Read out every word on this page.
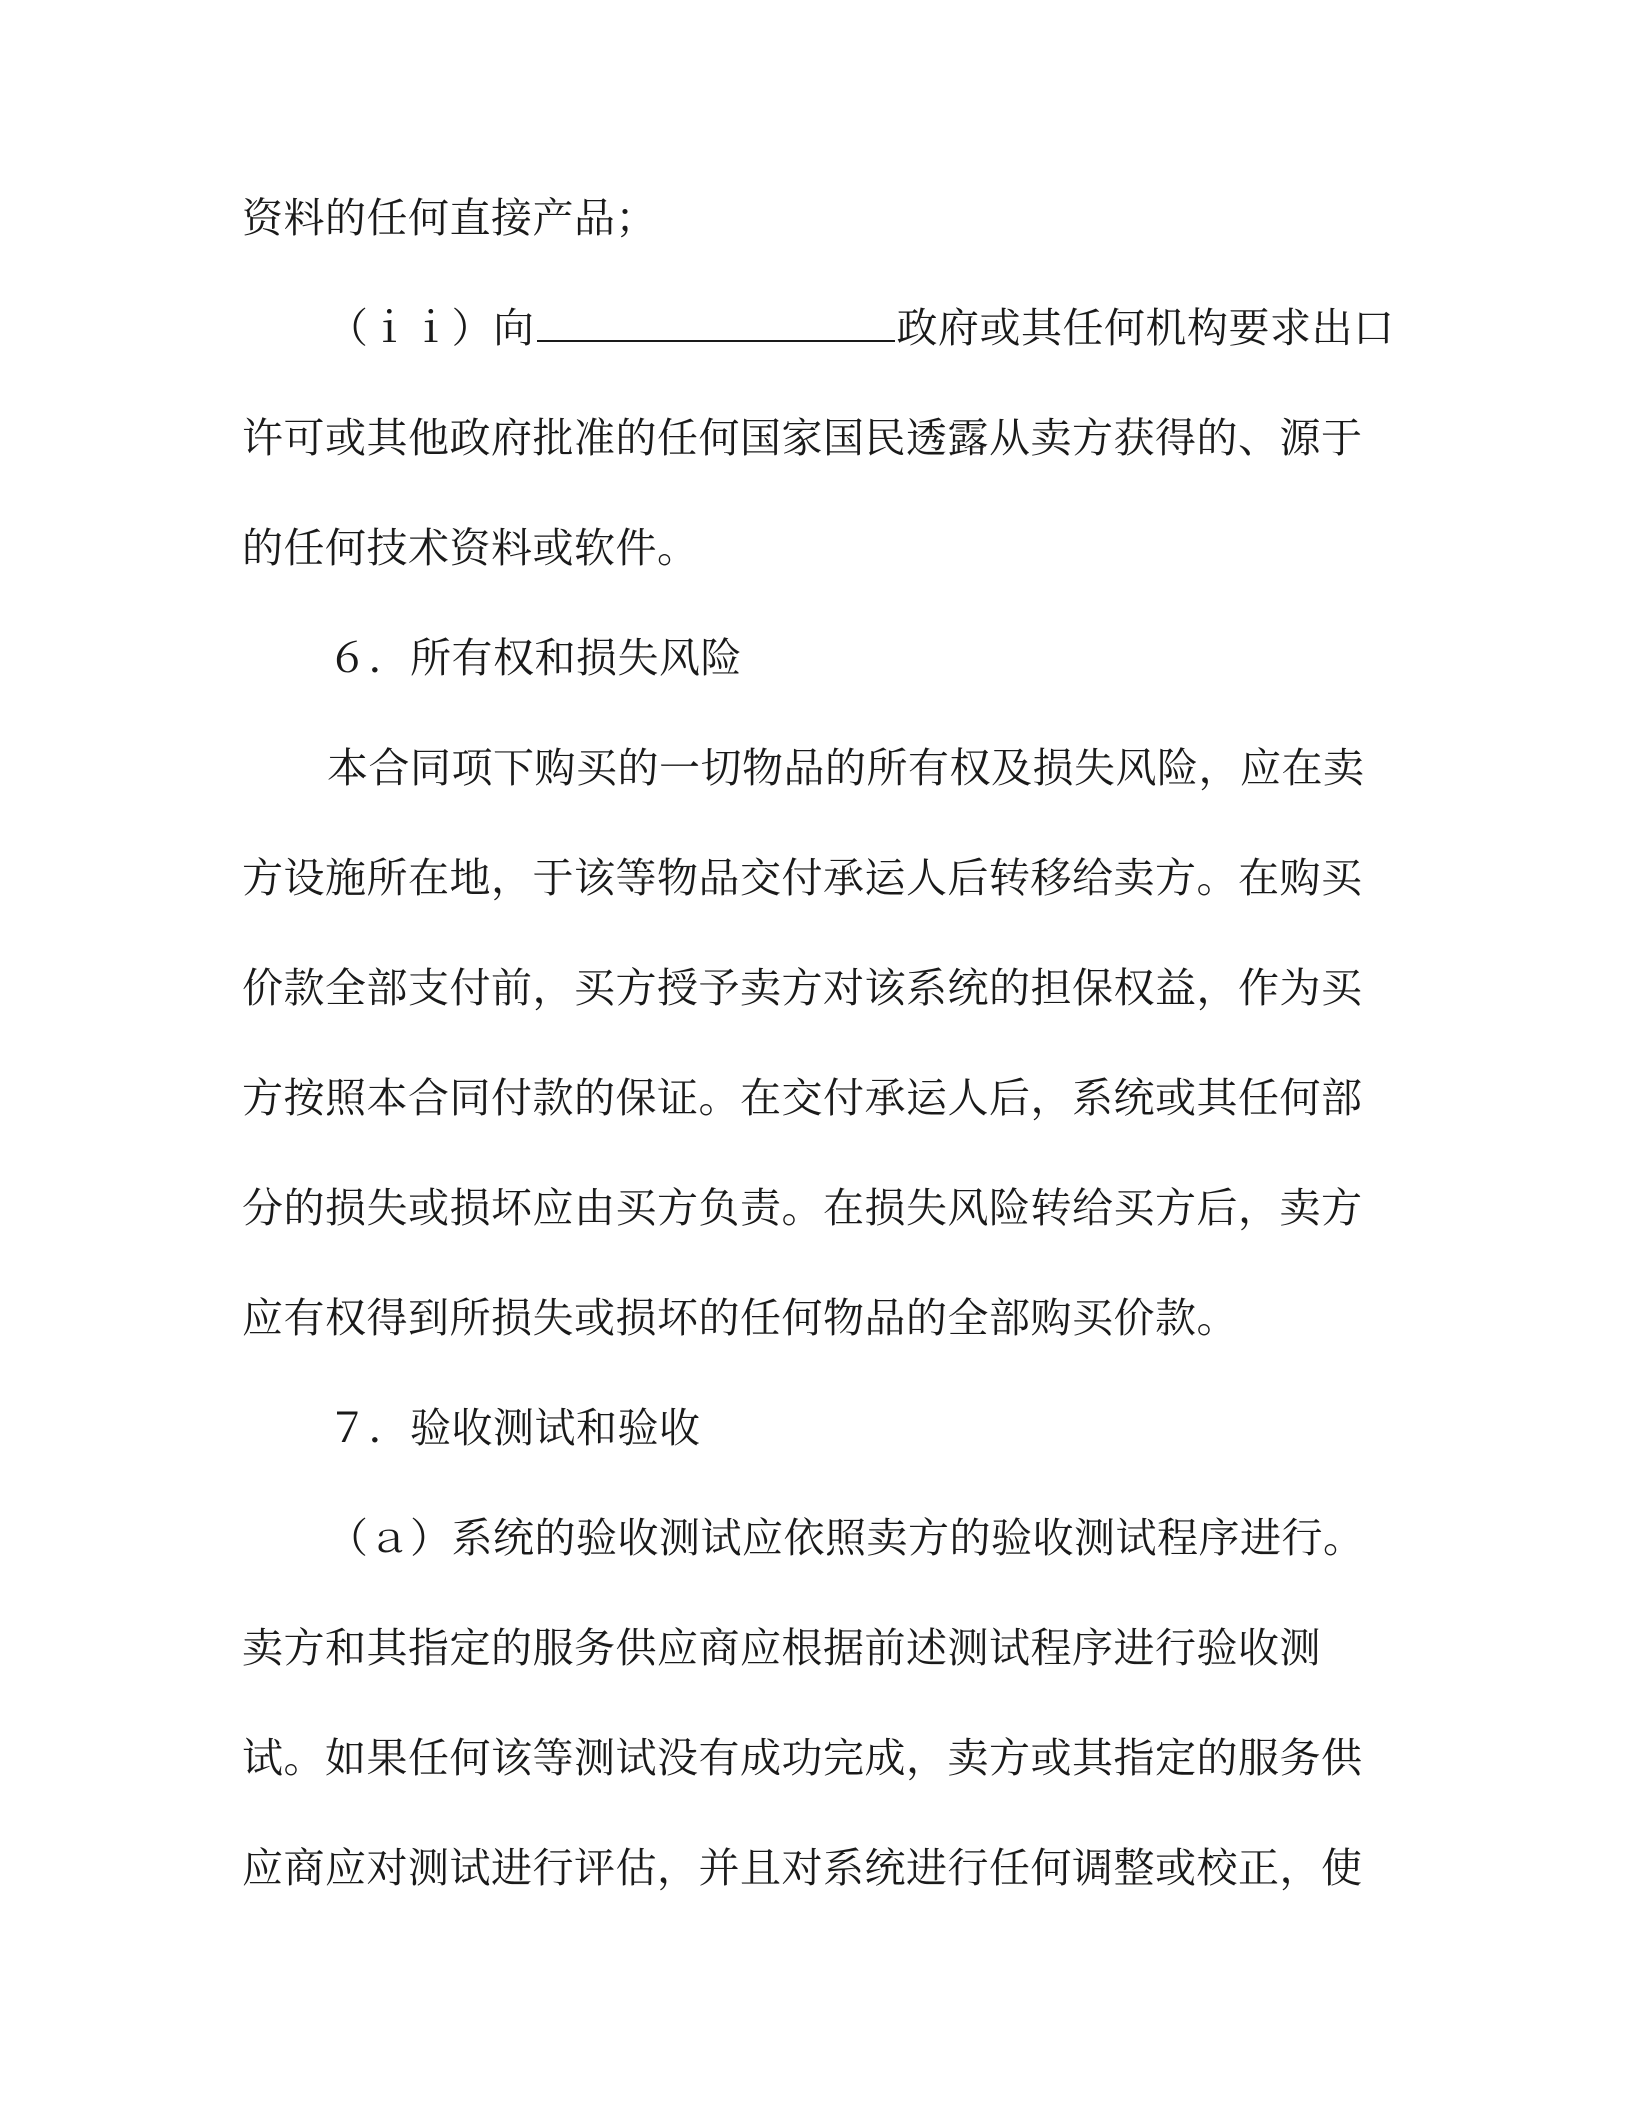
资料的任何直接产品；
（ｉｉ）向	政府或其任何机构要求出口
许可或其他政府批准的任何国家国民透露从卖方获得的、源于
的任何技术资料或软件。
６．所有权和损失风险
本合同项下购买的一切物品的所有权及损失风险，应在卖
方设施所在地，于该等物品交付承运人后转移给卖方。在购买
价款全部支付前，买方授予卖方对该系统的担保权益，作为买
方按照本合同付款的保证。在交付承运人后，系统或其任何部
分的损失或损坏应由买方负责。在损失风险转给买方后，卖方
应有权得到所损失或损坏的任何物品的全部购买价款。
７．验收测试和验收
（ａ）系统的验收测试应依照卖方的验收测试程序进行。
卖方和其指定的服务供应商应根据前述测试程序进行验收测
试。如果任何该等测试没有成功完成，卖方或其指定的服务供
应商应对测试进行评估，并且对系统进行任何调整或校正，使
